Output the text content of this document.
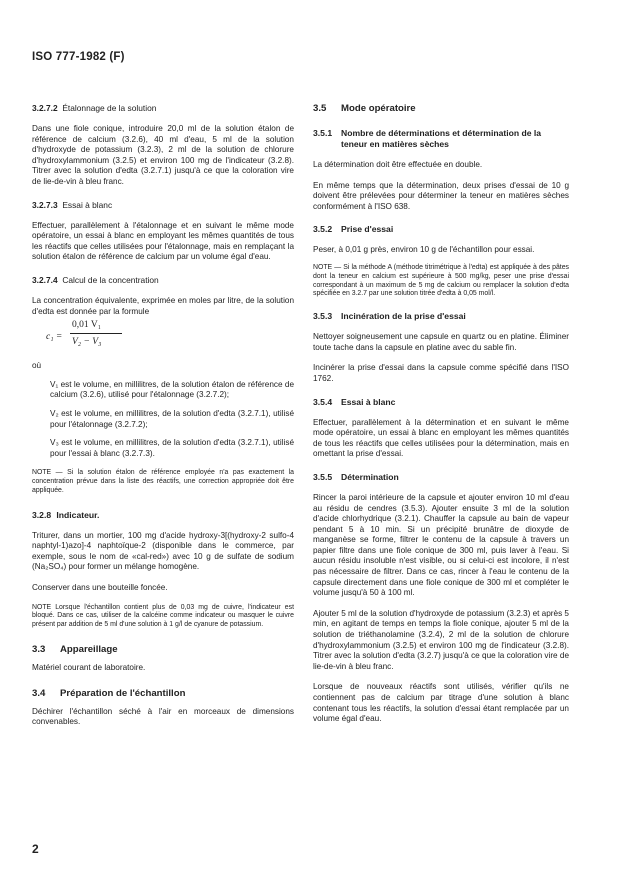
ISO 777-1982 (F)
3.2.7.2 Étalonnage de la solution

Dans une fiole conique, introduire 20,0 ml de la solution étalon de référence de calcium (3.2.6), 40 ml d'eau, 5 ml de la solution d'hydroxyde de potassium (3.2.3), 2 ml de la solution de chlorure d'hydroxylammonium (3.2.5) et environ 100 mg de l'indicateur (3.2.8). Titrer avec la solution d'edta (3.2.7.1) jusqu'à ce que la coloration vire de lie-de-vin à bleu franc.

3.2.7.3 Essai à blanc

Effectuer, parallèlement à l'étalonnage et en suivant le même mode opératoire, un essai à blanc en employant les mêmes quantités de tous les réactifs que celles utilisées pour l'étalonnage, mais en remplaçant la solution étalon de référence de calcium par un volume égal d'eau.

3.2.7.4 Calcul de la concentration

La concentration équivalente, exprimée en moles par litre, de la solution d'edta est donnée par la formule

c₁ =
0,01 V₁
V₂ − V₃

où

V₁ est le volume, en millilitres, de la solution étalon de référence de calcium (3.2.6), utilisé pour l'étalonnage (3.2.7.2);

V₂ est le volume, en millilitres, de la solution d'edta (3.2.7.1), utilisé pour l'étalonnage (3.2.7.2);

V₃ est le volume, en millilitres, de la solution d'edta (3.2.7.1), utilisé pour l'essai à blanc (3.2.7.3).

NOTE — Si la solution étalon de référence employée n'a pas exactement la concentration prévue dans la liste des réactifs, une correction appropriée doit être appliquée.

3.2.8 Indicateur.

Triturer, dans un mortier, 100 mg d'acide hydroxy-3[(hydroxy-2 sulfo-4 naphtyl-1)azo]-4 naphtoïque-2 (disponible dans le commerce, par exemple, sous le nom de «cal-red») avec 10 g de sulfate de sodium (Na₂SO₄) pour former un mélange homogène.

Conserver dans une bouteille foncée.

NOTE Lorsque l'échantillon contient plus de 0,03 mg de cuivre, l'indicateur est bloqué. Dans ce cas, utiliser de la calcéine comme indicateur ou masquer le cuivre présent par addition de 5 ml d'une solution à 1 g/l de cyanure de potassium.

3.3 Appareillage

Matériel courant de laboratoire.

3.4 Préparation de l'échantillon

Déchirer l'échantillon séché à l'air en morceaux de dimensions convenables.

3.5 Mode opératoire
3.5.1	Nombre de déterminations et détermination de la teneur en matières sèches

La détermination doit être effectuée en double.

En même temps que la détermination, deux prises d'essai de 10 g doivent être prélevées pour déterminer la teneur en matières sèches conformément à l'ISO 638.

3.5.2 Prise d'essai

Peser, à 0,01 g près, environ 10 g de l'échantillon pour essai.

NOTE — Si la méthode A (méthode titrimétrique à l'edta) est appliquée à des pâtes dont la teneur en calcium est supérieure à 500 mg/kg, peser une prise d'essai correspondant à un maximum de 5 mg de calcium ou remplacer la solution d'edta spécifiée en 3.2.7 par une solution titrée d'edta à 0,05 mol/l.

3.5.3 Incinération de la prise d'essai

Nettoyer soigneusement une capsule en quartz ou en platine. Éliminer toute tache dans la capsule en platine avec du sable fin.

Incinérer la prise d'essai dans la capsule comme spécifié dans l'ISO 1762.

3.5.4 Essai à blanc

Effectuer, parallèlement à la détermination et en suivant le même mode opératoire, un essai à blanc en employant les mêmes quantités de tous les réactifs que celles utilisées pour la détermination, mais en omettant la prise d'essai.

3.5.5 Détermination

Rincer la paroi intérieure de la capsule et ajouter environ 10 ml d'eau au résidu de cendres (3.5.3). Ajouter ensuite 3 ml de la solution d'acide chlorhydrique (3.2.1). Chauffer la capsule au bain de vapeur pendant 5 à 10 min. Si un précipité brunâtre de dioxyde de manganèse se forme, filtrer le contenu de la capsule à travers un papier filtre dans une fiole conique de 300 ml, puis laver à l'eau. Si aucun résidu insoluble n'est visible, ou si celui-ci est incolore, il n'est pas nécessaire de filtrer. Dans ce cas, rincer à l'eau le contenu de la capsule directement dans une fiole conique de 300 ml et compléter le volume jusqu'à 50 à 100 ml.

Ajouter 5 ml de la solution d'hydroxyde de potassium (3.2.3) et après 5 min, en agitant de temps en temps la fiole conique, ajouter 5 ml de la solution de triéthanolamine (3.2.4), 2 ml de la solution de chlorure d'hydroxylammonium (3.2.5) et environ 100 mg de l'indicateur (3.2.8). Titrer avec la solution d'edta (3.2.7) jusqu'à ce que la coloration vire de lie-de-vin à bleu franc.

Lorsque de nouveaux réactifs sont utilisés, vérifier qu'ils ne contiennent pas de calcium par titrage d'une solution à blanc contenant tous les réactifs, la solution d'essai étant remplacée par un volume égal d'eau.

2
